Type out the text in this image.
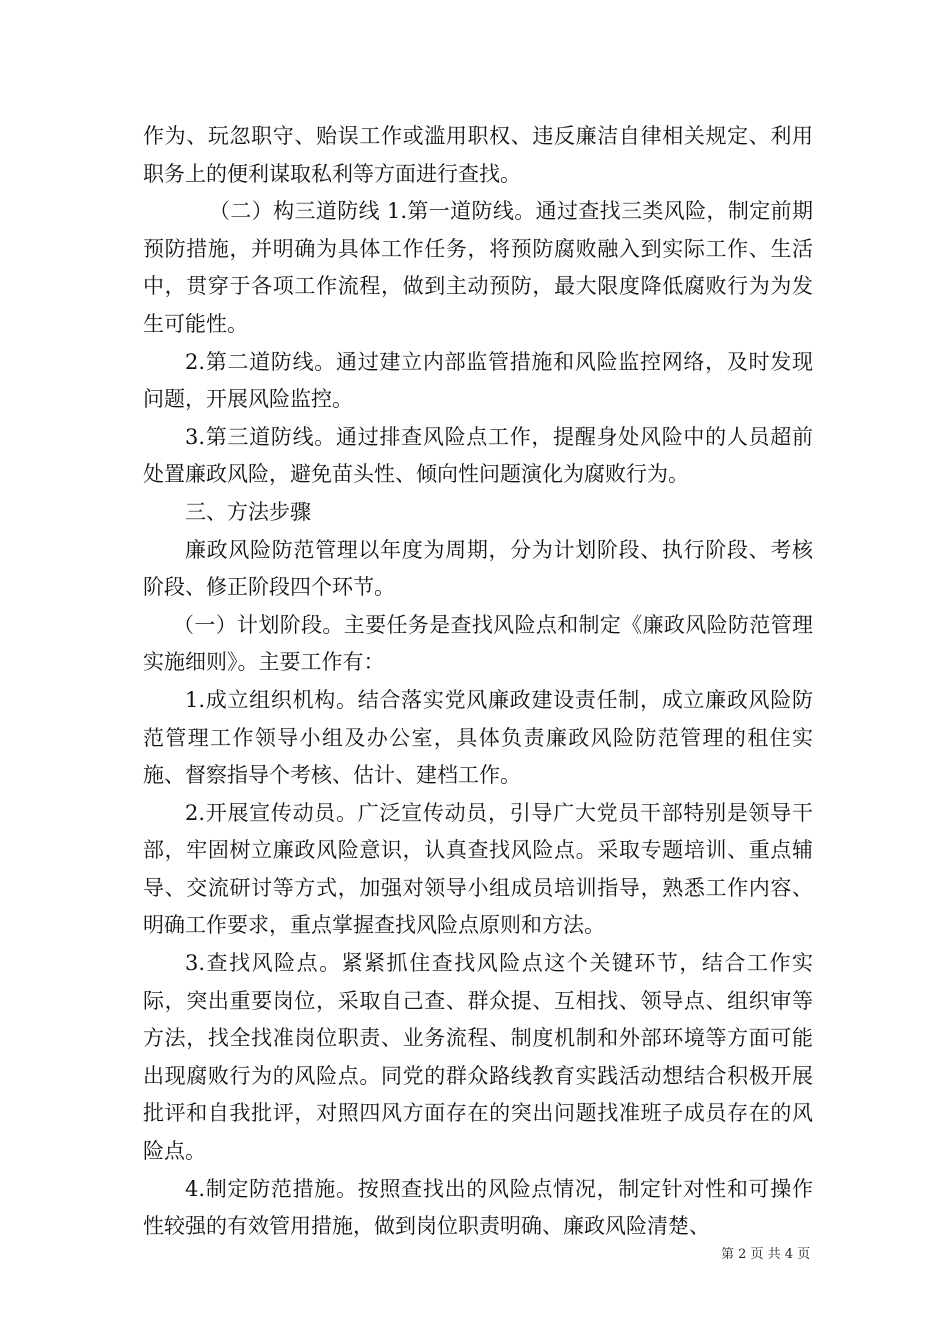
作为、玩忽职守、贻误工作或滥用职权、违反廉洁自律相关规定、利用职务上的便利谋取私利等方面进行查找。

（二）构三道防线 1.第一道防线。通过查找三类风险，制定前期预防措施，并明确为具体工作任务，将预防腐败融入到实际工作、生活中，贯穿于各项工作流程，做到主动预防，最大限度降低腐败行为为发生可能性。

2.第二道防线。通过建立内部监管措施和风险监控网络，及时发现问题，开展风险监控。

3.第三道防线。通过排查风险点工作，提醒身处风险中的人员超前处置廉政风险，避免苗头性、倾向性问题演化为腐败行为。

三、方法步骤

廉政风险防范管理以年度为周期，分为计划阶段、执行阶段、考核阶段、修正阶段四个环节。

（一）计划阶段。主要任务是查找风险点和制定《廉政风险防范管理实施细则》。主要工作有：

1.成立组织机构。结合落实党风廉政建设责任制，成立廉政风险防范管理工作领导小组及办公室，具体负责廉政风险防范管理的租住实施、督察指导个考核、估计、建档工作。

2.开展宣传动员。广泛宣传动员，引导广大党员干部特别是领导干部，牢固树立廉政风险意识，认真查找风险点。采取专题培训、重点辅导、交流研讨等方式，加强对领导小组成员培训指导，熟悉工作内容、明确工作要求，重点掌握查找风险点原则和方法。

3.查找风险点。紧紧抓住查找风险点这个关键环节，结合工作实际，突出重要岗位，采取自己查、群众提、互相找、领导点、组织审等方法，找全找准岗位职责、业务流程、制度机制和外部环境等方面可能出现腐败行为的风险点。同党的群众路线教育实践活动想结合积极开展批评和自我批评，对照四风方面存在的突出问题找准班子成员存在的风险点。

4.制定防范措施。按照查找出的风险点情况，制定针对性和可操作性较强的有效管用措施，做到岗位职责明确、廉政风险清楚、

第 2 页 共 4 页
